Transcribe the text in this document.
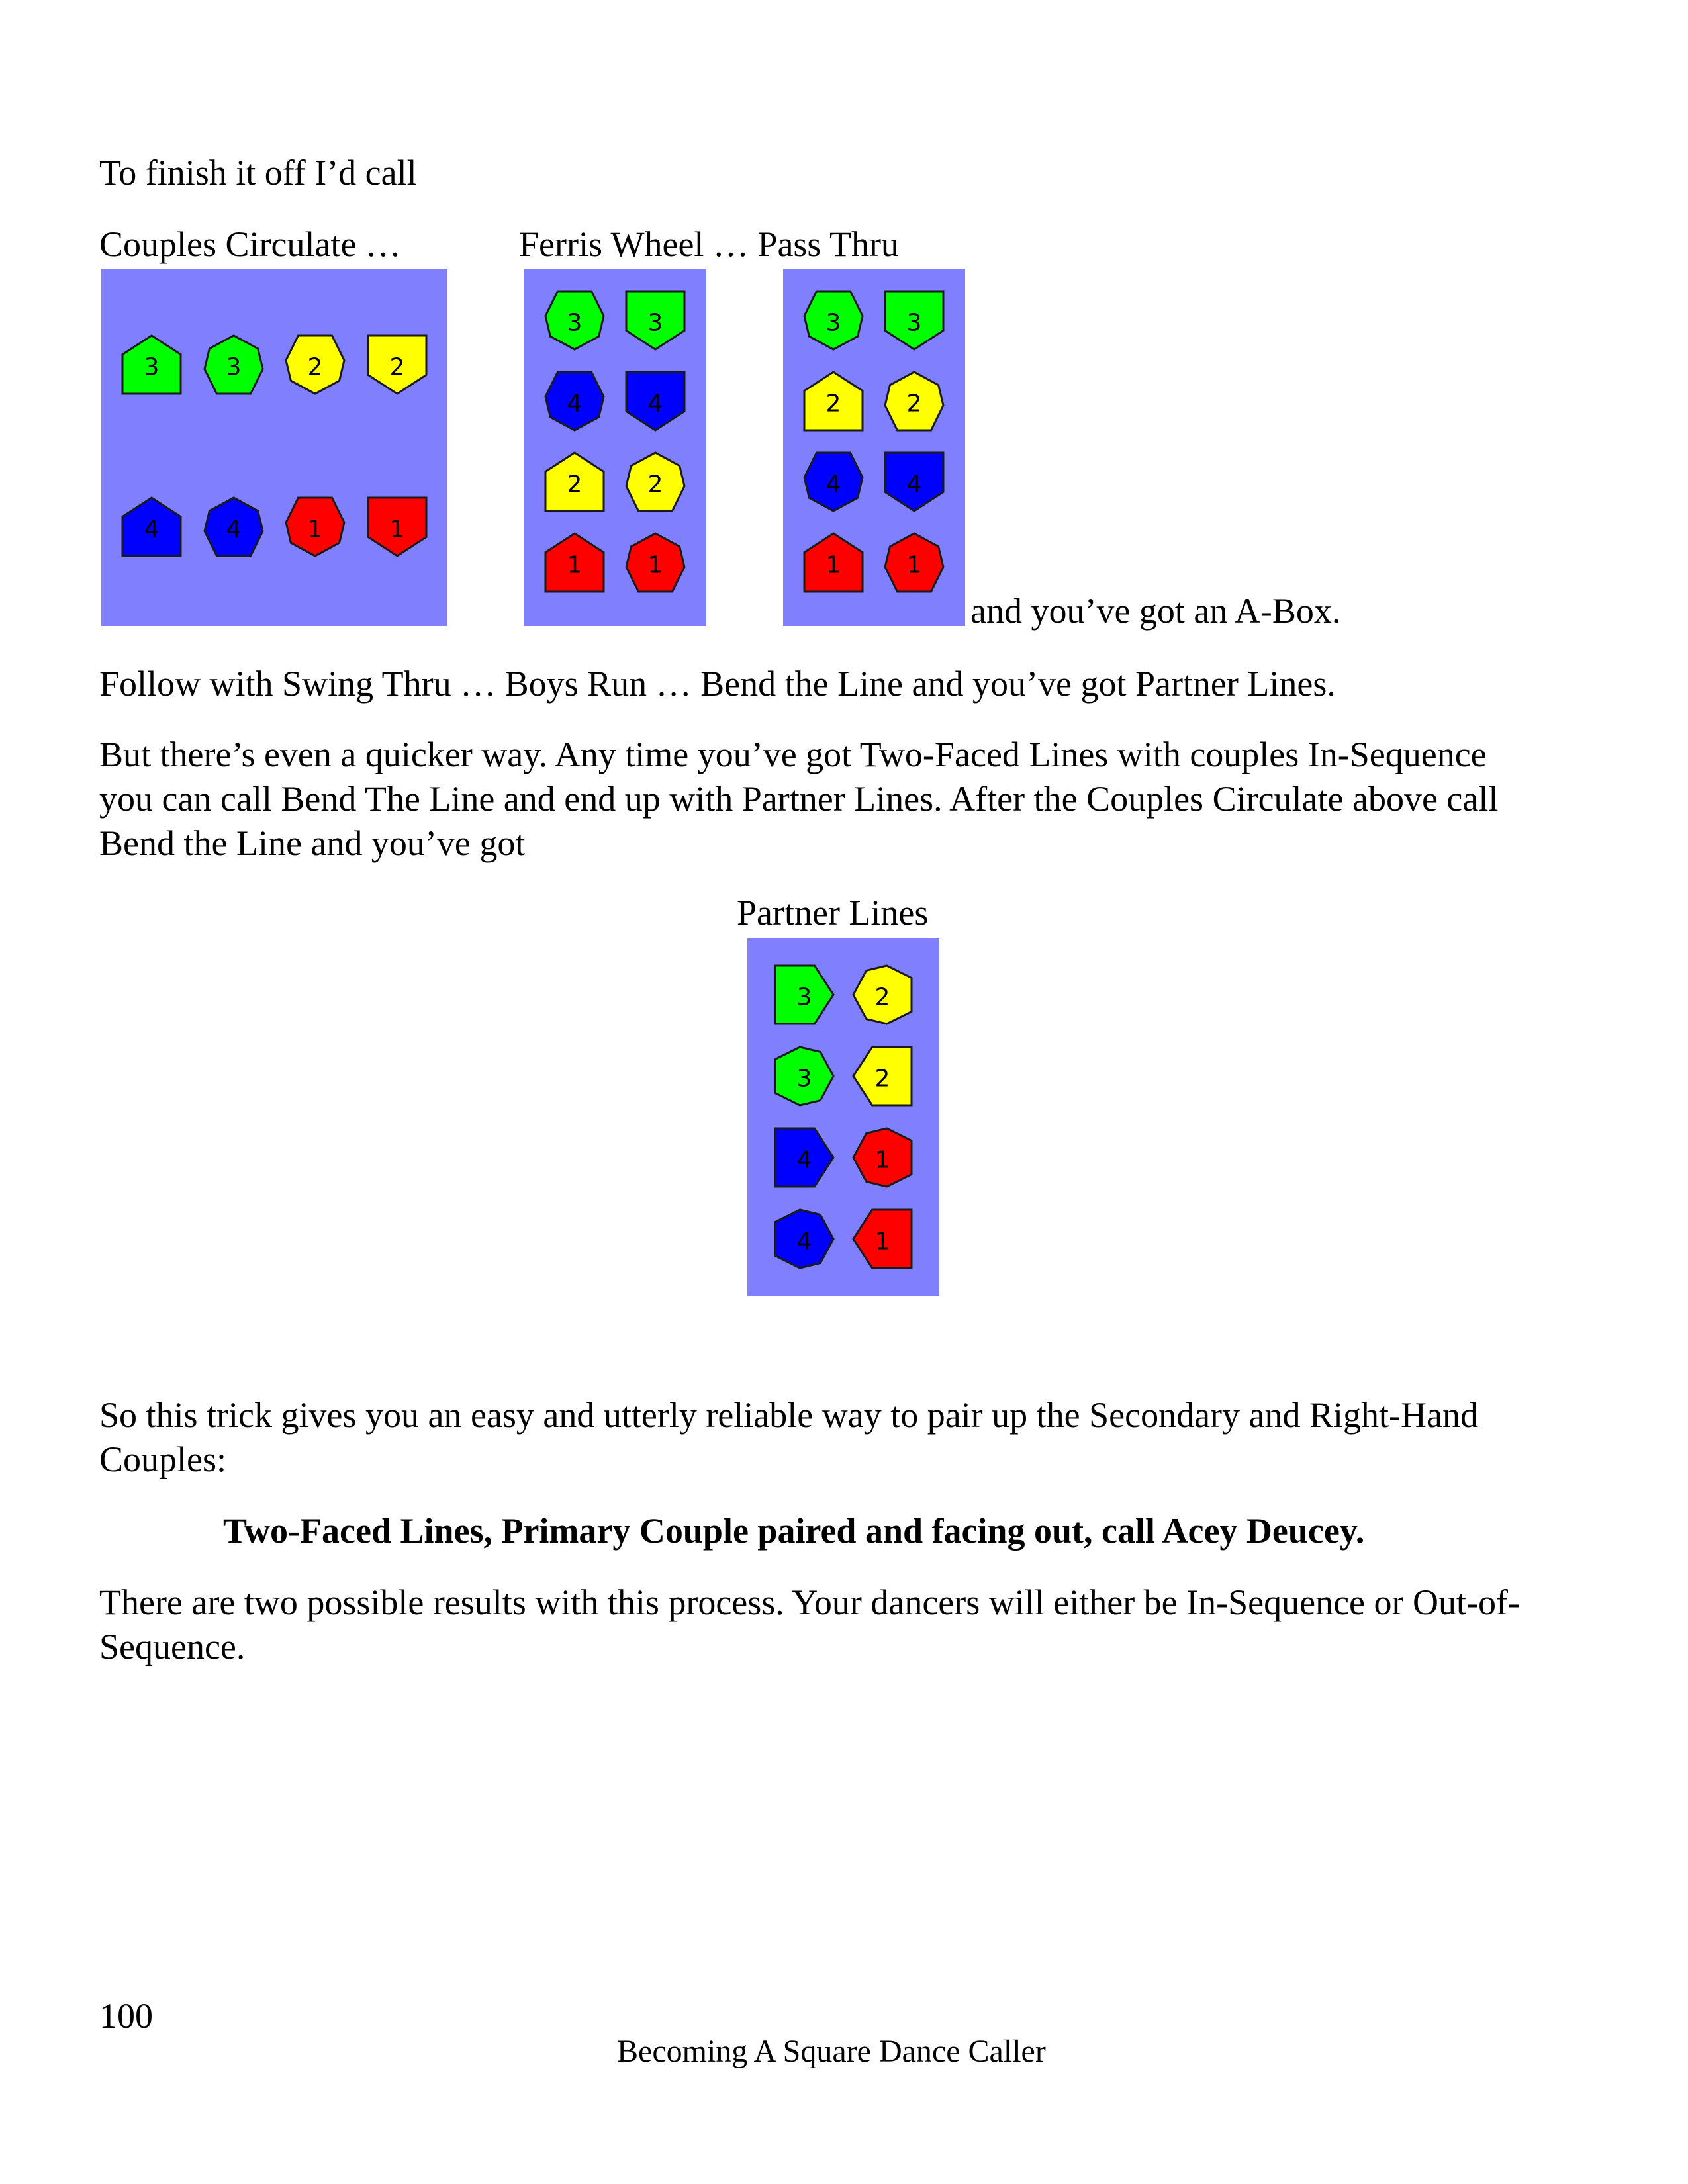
To finish it off I’d call
Couples Circulate …	Ferris Wheel … Pass Thru
3	3	2	2
4	4	1	1
3	3
4	4
2	2
1	1
3	3
2	2
4	4
1	1
and you’ve got an A-Box.
Follow with Swing Thru … Boys Run … Bend the Line and you’ve got Partner Lines.
But there’s even a quicker way. Any time you’ve got Two-Faced Lines with couples In-Sequence you can call Bend The Line and end up with Partner Lines. After the Couples Circulate above call Bend the Line and you’ve got
Partner Lines
3	2
3	2
4	1
4	1
So this trick gives you an easy and utterly reliable way to pair up the Secondary and Right-Hand Couples:
Two-Faced Lines, Primary Couple paired and facing out, call Acey Deucey.
There are two possible results with this process. Your dancers will either be In-Sequence or Out-of-Sequence.
100
Becoming A Square Dance Caller
